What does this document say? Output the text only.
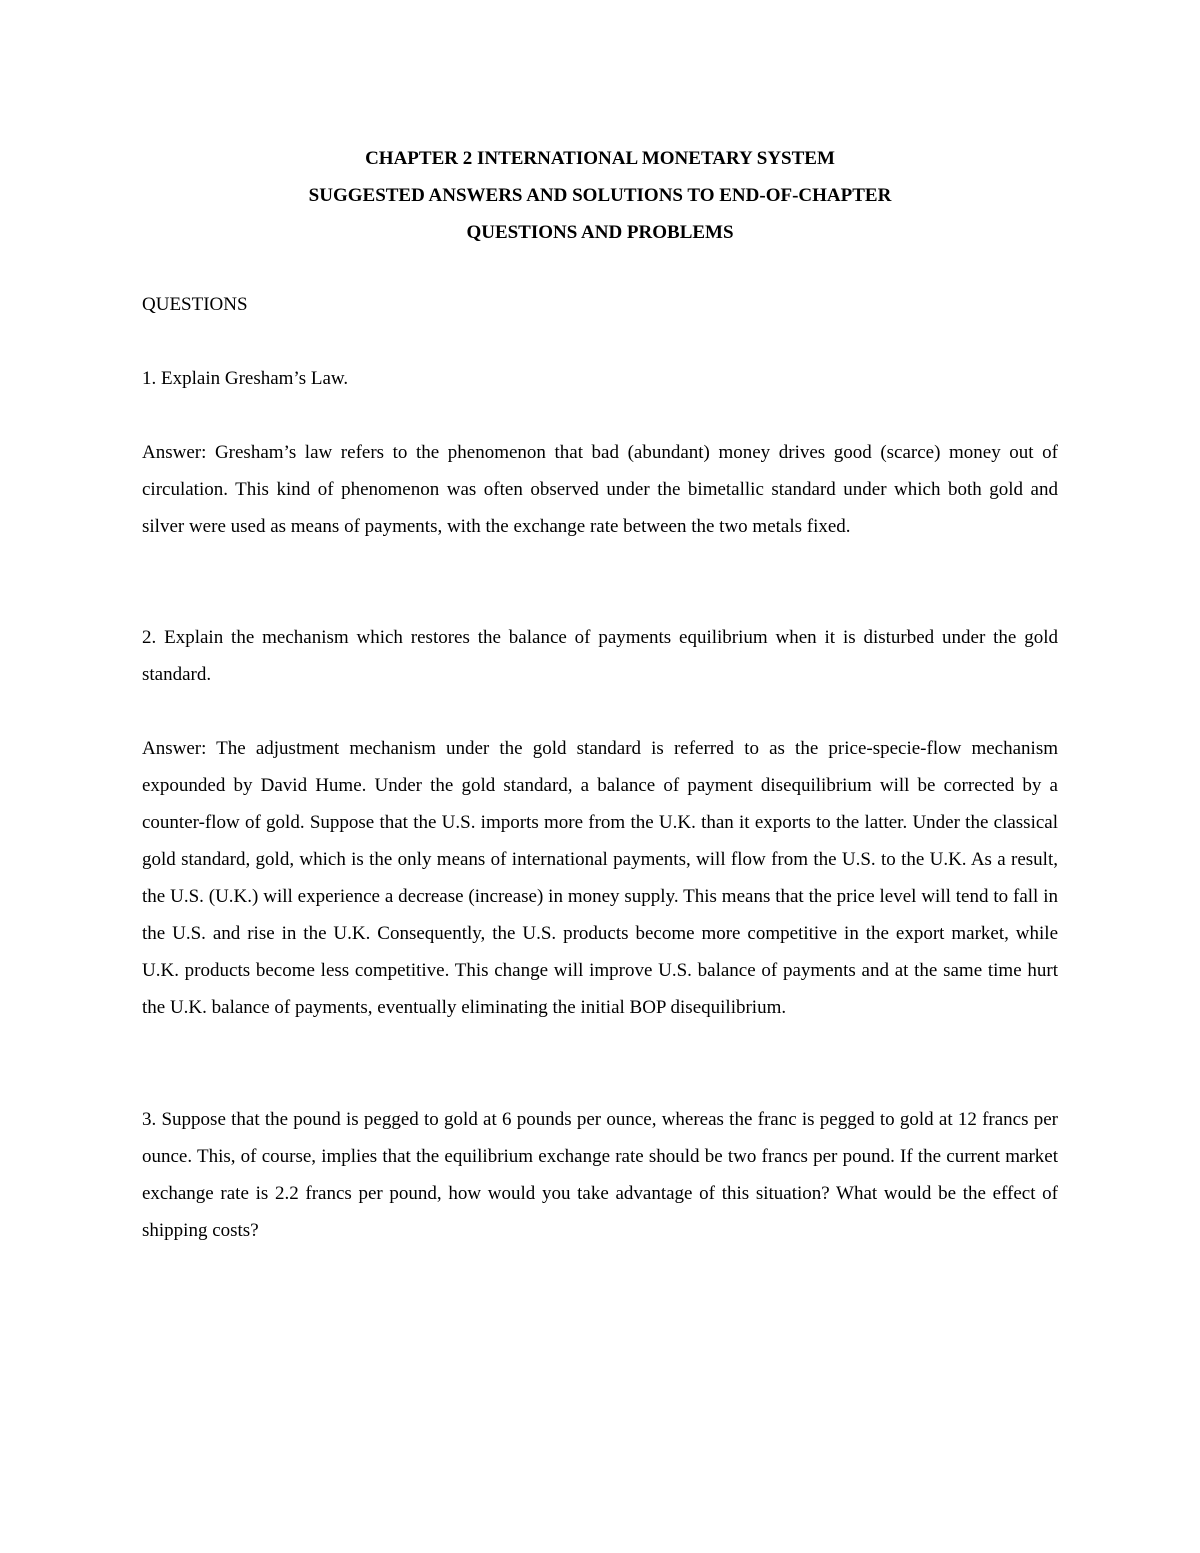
CHAPTER 2 INTERNATIONAL MONETARY SYSTEM
SUGGESTED ANSWERS AND SOLUTIONS TO END-OF-CHAPTER
QUESTIONS AND PROBLEMS
QUESTIONS

1. Explain Gresham’s Law.

Answer: Gresham’s law refers to the phenomenon that bad (abundant) money drives good (scarce) money out of circulation. This kind of phenomenon was often observed under the bimetallic standard under which both gold and silver were used as means of payments, with the exchange rate between the two metals fixed.

2. Explain the mechanism which restores the balance of payments equilibrium when it is disturbed under the gold standard.

Answer: The adjustment mechanism under the gold standard is referred to as the price-specie-flow mechanism expounded by David Hume. Under the gold standard, a balance of payment disequilibrium will be corrected by a counter-flow of gold. Suppose that the U.S. imports more from the U.K. than it exports to the latter. Under the classical gold standard, gold, which is the only means of international payments, will flow from the U.S. to the U.K. As a result, the U.S. (U.K.) will experience a decrease (increase) in money supply. This means that the price level will tend to fall in the U.S. and rise in the U.K. Consequently, the U.S. products become more competitive in the export market, while U.K. products become less competitive. This change will improve U.S. balance of payments and at the same time hurt the U.K. balance of payments, eventually eliminating the initial BOP disequilibrium.

3. Suppose that the pound is pegged to gold at 6 pounds per ounce, whereas the franc is pegged to gold at 12 francs per ounce. This, of course, implies that the equilibrium exchange rate should be two francs per pound. If the current market exchange rate is 2.2 francs per pound, how would you take advantage of this situation? What would be the effect of shipping costs?
